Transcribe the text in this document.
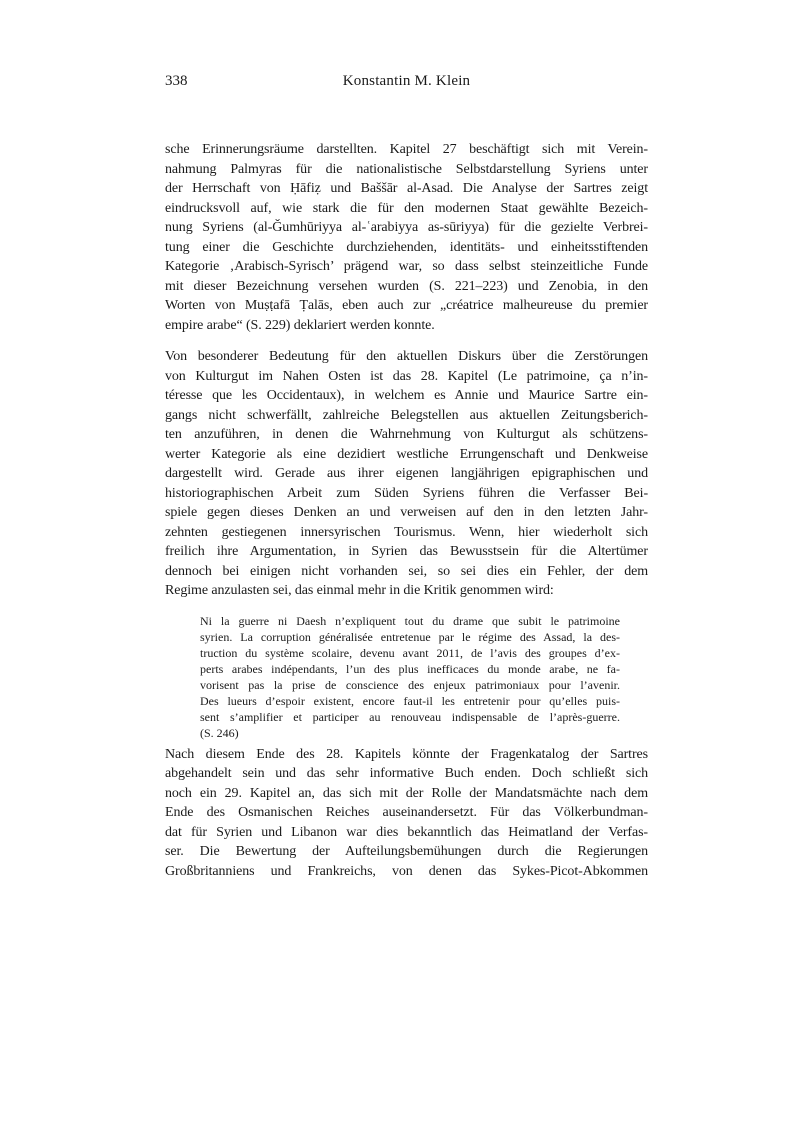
338	Konstantin M. Klein
sche Erinnerungsräume darstellten. Kapitel 27 beschäftigt sich mit Verein-
nahmung Palmyras für die nationalistische Selbstdarstellung Syriens unter
der Herrschaft von Ḥāfiẓ und Baššār al-Asad. Die Analyse der Sartres zeigt
eindrucksvoll auf, wie stark die für den modernen Staat gewählte Bezeich-
nung Syriens (al-Ǧumhūriyya al-ʿarabiyya as-sūriyya) für die gezielte Verbrei-
tung einer die Geschichte durchziehenden, identitäts- und einheitsstiftenden
Kategorie ‚Arabisch-Syrisch’ prägend war, so dass selbst steinzeitliche Funde
mit dieser Bezeichnung versehen wurden (S. 221–223) und Zenobia, in den
Worten von Muṣṭafā Ṭalās, eben auch zur „créatrice malheureuse du premier
empire arabe“ (S. 229) deklariert werden konnte.
Von besonderer Bedeutung für den aktuellen Diskurs über die Zerstörungen
von Kulturgut im Nahen Osten ist das 28. Kapitel (Le patrimoine, ça n’in-
téresse que les Occidentaux), in welchem es Annie und Maurice Sartre ein-
gangs nicht schwerfällt, zahlreiche Belegstellen aus aktuellen Zeitungsberich-
ten anzuführen, in denen die Wahrnehmung von Kulturgut als schützens-
werter Kategorie als eine dezidiert westliche Errungenschaft und Denkweise
dargestellt wird. Gerade aus ihrer eigenen langjährigen epigraphischen und
historiographischen Arbeit zum Süden Syriens führen die Verfasser Bei-
spiele gegen dieses Denken an und verweisen auf den in den letzten Jahr-
zehnten gestiegenen innersyrischen Tourismus. Wenn, hier wiederholt sich
freilich ihre Argumentation, in Syrien das Bewusstsein für die Altertümer
dennoch bei einigen nicht vorhanden sei, so sei dies ein Fehler, der dem
Regime anzulasten sei, das einmal mehr in die Kritik genommen wird:
Ni la guerre ni Daesh n’expliquent tout du drame que subit le patrimoine
syrien. La corruption généralisée entretenue par le régime des Assad, la des-
truction du système scolaire, devenu avant 2011, de l’avis des groupes d’ex-
perts arabes indépendants, l’un des plus inefficaces du monde arabe, ne fa-
vorisent pas la prise de conscience des enjeux patrimoniaux pour l’avenir.
Des lueurs d’espoir existent, encore faut-il les entretenir pour qu’elles puis-
sent s’amplifier et participer au renouveau indispensable de l’après-guerre.
(S. 246)
Nach diesem Ende des 28. Kapitels könnte der Fragenkatalog der Sartres
abgehandelt sein und das sehr informative Buch enden. Doch schließt sich
noch ein 29. Kapitel an, das sich mit der Rolle der Mandatsmächte nach dem
Ende des Osmanischen Reiches auseinandersetzt. Für das Völkerbundman-
dat für Syrien und Libanon war dies bekanntlich das Heimatland der Verfas-
ser. Die Bewertung der Aufteilungsbemühungen durch die Regierungen
Großbritanniens und Frankreichs, von denen das Sykes-Picot-Abkommen
